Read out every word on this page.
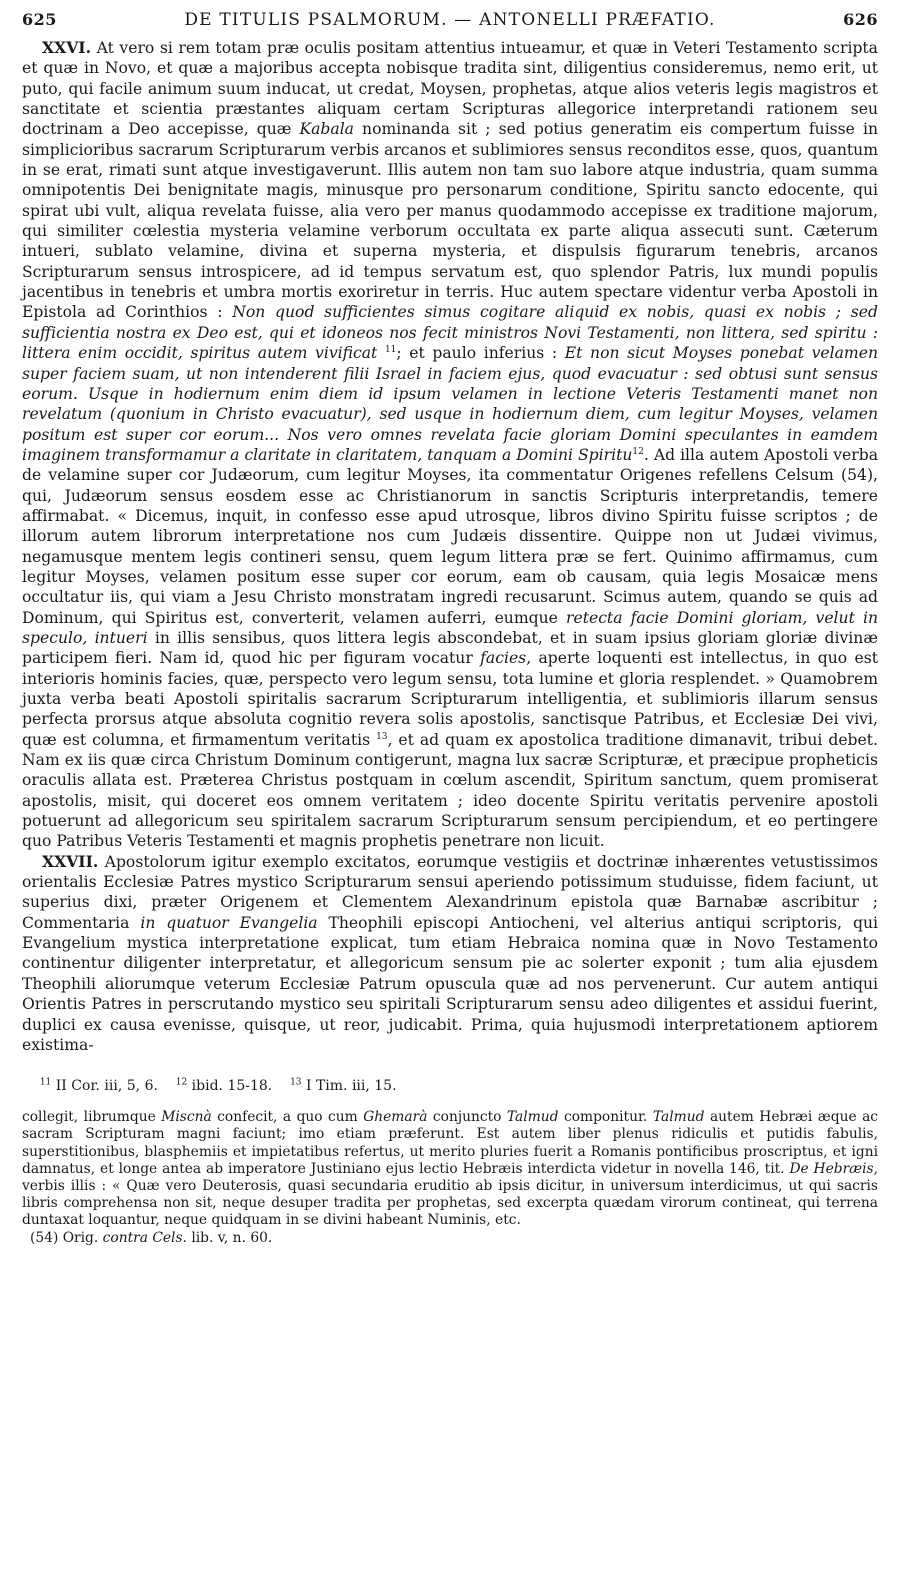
625	DE TITULIS PSALMORUM. — ANTONELLI PRÆFATIO.	626

XXVI. At vero si rem totam præ oculis positam attentius intueamur, et quæ in Veteri Testamento scripta et quæ in Novo, et quæ a majoribus accepta nobisque tradita sint, diligentius consideremus, nemo erit, ut puto, qui facile animum suum inducat, ut credat, Moysen, prophetas, atque alios veteris legis magistros et sanctitate et scientia præstantes aliquam certam Scripturas allegorice interpretandi rationem seu doctrinam a Deo accepisse, quæ Kabala nominanda sit ; sed potius generatim eis compertum fuisse in simplicioribus sacrarum Scripturarum verbis arcanos et sublimiores sensus reconditos esse, quos, quantum in se erat, rimati sunt atque investigaverunt. Illis autem non tam suo labore atque industria, quam summa omnipotentis Dei benignitate magis, minusque pro personarum conditione, Spiritu sancto edocente, qui spirat ubi vult, aliqua revelata fuisse, alia vero per manus quodammodo accepisse ex traditione majorum, qui similiter cœlestia mysteria velamine verborum occultata ex parte aliqua assecuti sunt. Cæterum intueri, sublato velamine, divina et superna mysteria, et dispulsis figurarum tenebris, arcanos Scripturarum sensus introspicere, ad id tempus servatum est, quo splendor Patris, lux mundi populis jacentibus in tenebris et umbra mortis exoriretur in terris. Huc autem spectare videntur verba Apostoli in Epistola ad Corinthios : Non quod sufficientes simus cogitare aliquid ex nobis, quasi ex nobis ; sed sufficientia nostra ex Deo est, qui et idoneos nos fecit ministros Novi Testamenti, non littera, sed spiritu : littera enim occidit, spiritus autem vivificat $^{11}$; et paulo inferius : Et non sicut Moyses ponebat velamen super faciem suam, ut non intenderent filii Israel in faciem ejus, quod evacuatur : sed obtusi sunt sensus eorum. Usque in hodiernum enim diem id ipsum velamen in lectione Veteris Testamenti manet non revelatum (quonium in Christo evacuatur), sed usque in hodiernum diem, cum legitur Moyses, velamen positum est super cor eorum... Nos vero omnes revelata facie gloriam Domini speculantes in eamdem imaginem transformamur a claritate in claritatem, tanquam a Domini Spiritu$^{12}$. Ad illa autem Apostoli verba de velamine super cor Judæorum, cum legitur Moyses, ita commentatur Origenes refellens Celsum (54), qui, Judæorum sensus eosdem esse ac Christianorum in sanctis Scripturis interpretandis, temere affirmabat. « Dicemus, inquit, in confesso esse apud utrosque, libros divino Spiritu fuisse scriptos ; de illorum autem librorum interpretatione nos cum Judæis dissentire. Quippe non ut Judæi vivimus, negamusque mentem legis contineri sensu, quem legum littera præ se fert. Quinimo affirmamus, cum legitur Moyses, velamen positum esse super cor eorum, eam ob causam, quia legis Mosaicæ mens occultatur iis, qui viam a Jesu Christo monstratam ingredi recusarunt. Scimus autem, quando se quis ad Dominum, qui Spiritus est, converterit, velamen auferri, eumque retecta facie Domini gloriam, velut in speculo, intueri in illis sensibus, quos littera legis abscondebat, et in suam ipsius gloriam gloriæ divinæ participem fieri. Nam id, quod hic per figuram vocatur facies, aperte loquenti est intellectus, in quo est interioris hominis facies, quæ, perspecto vero legum sensu, tota lumine et gloria resplendet. » Quamobrem juxta verba beati Apostoli spiritalis sacrarum Scripturarum intelligentia, et sublimioris illarum sensus perfecta prorsus atque absoluta cognitio revera solis apostolis, sanctisque Patribus, et Ecclesiæ Dei vivi, quæ est columna, et firmamentum veritatis $^{13}$, et ad quam ex apostolica traditione dimanavit, tribui debet. Nam ex iis quæ circa Christum Dominum contigerunt, magna lux sacræ Scripturæ, et præcipue propheticis oraculis allata est. Præterea Christus postquam in cœlum ascendit, Spiritum sanctum, quem promiserat apostolis, misit, qui doceret eos omnem veritatem ; ideo docente Spiritu veritatis pervenire apostoli potuerunt ad allegoricum seu spiritalem sacrarum Scripturarum sensum percipiendum, et eo pertingere quo Patribus Veteris Testamenti et magnis prophetis penetrare non licuit.

XXVII. Apostolorum igitur exemplo excitatos, eorumque vestigiis et doctrinæ inhærentes vetustissimos orientalis Ecclesiæ Patres mystico Scripturarum sensui aperiendo potissimum studuisse, fidem faciunt, ut superius dixi, præter Origenem et Clementem Alexandrinum epistola quæ Barnabæ ascribitur ; Commentaria in quatuor Evangelia Theophili episcopi Antiocheni, vel alterius antiqui scriptoris, qui Evangelium mystica interpretatione explicat, tum etiam Hebraica nomina quæ in Novo Testamento continentur diligenter interpretatur, et allegoricum sensum pie ac solerter exponit ; tum alia ejusdem Theophili aliorumque veterum Ecclesiæ Patrum opuscula quæ ad nos pervenerunt. Cur autem antiqui Orientis Patres in perscrutando mystico seu spiritali Scripturarum sensu adeo diligentes et assidui fuerint, duplici ex causa evenisse, quisque, ut reor, judicabit. Prima, quia hujusmodi interpretationem aptiorem existima-

$^{11}$ II Cor. iii, 5, 6. $^{12}$ ibid. 15-18. $^{13}$ I Tim. iii, 15.

collegit, librumque Miscnà confecit, a quo cum Ghemarà conjuncto Talmud componitur. Talmud autem Hebræi æque ac sacram Scripturam magni faciunt; imo etiam præferunt. Est autem liber plenus ridiculis et putidis fabulis, superstitionibus, blasphemiis et impietatibus refertus, ut merito pluries fuerit a Romanis pontificibus proscriptus, et igni damnatus, et longe antea ab imperatore Justiniano ejus lectio Hebræis interdicta videtur in novella 146, tit. De Hebræis, verbis illis : « Quæ vero Deuterosis, quasi secundaria eruditio ab ipsis dicitur, in universum interdicimus, ut qui sacris libris comprehensa non sit, neque desuper tradita per prophetas, sed excerpta quædam virorum contineat, qui terrena duntaxat loquantur, neque quidquam in se divini habeant Numinis, etc.

(54) Orig. contra Cels. lib. v, n. 60.
